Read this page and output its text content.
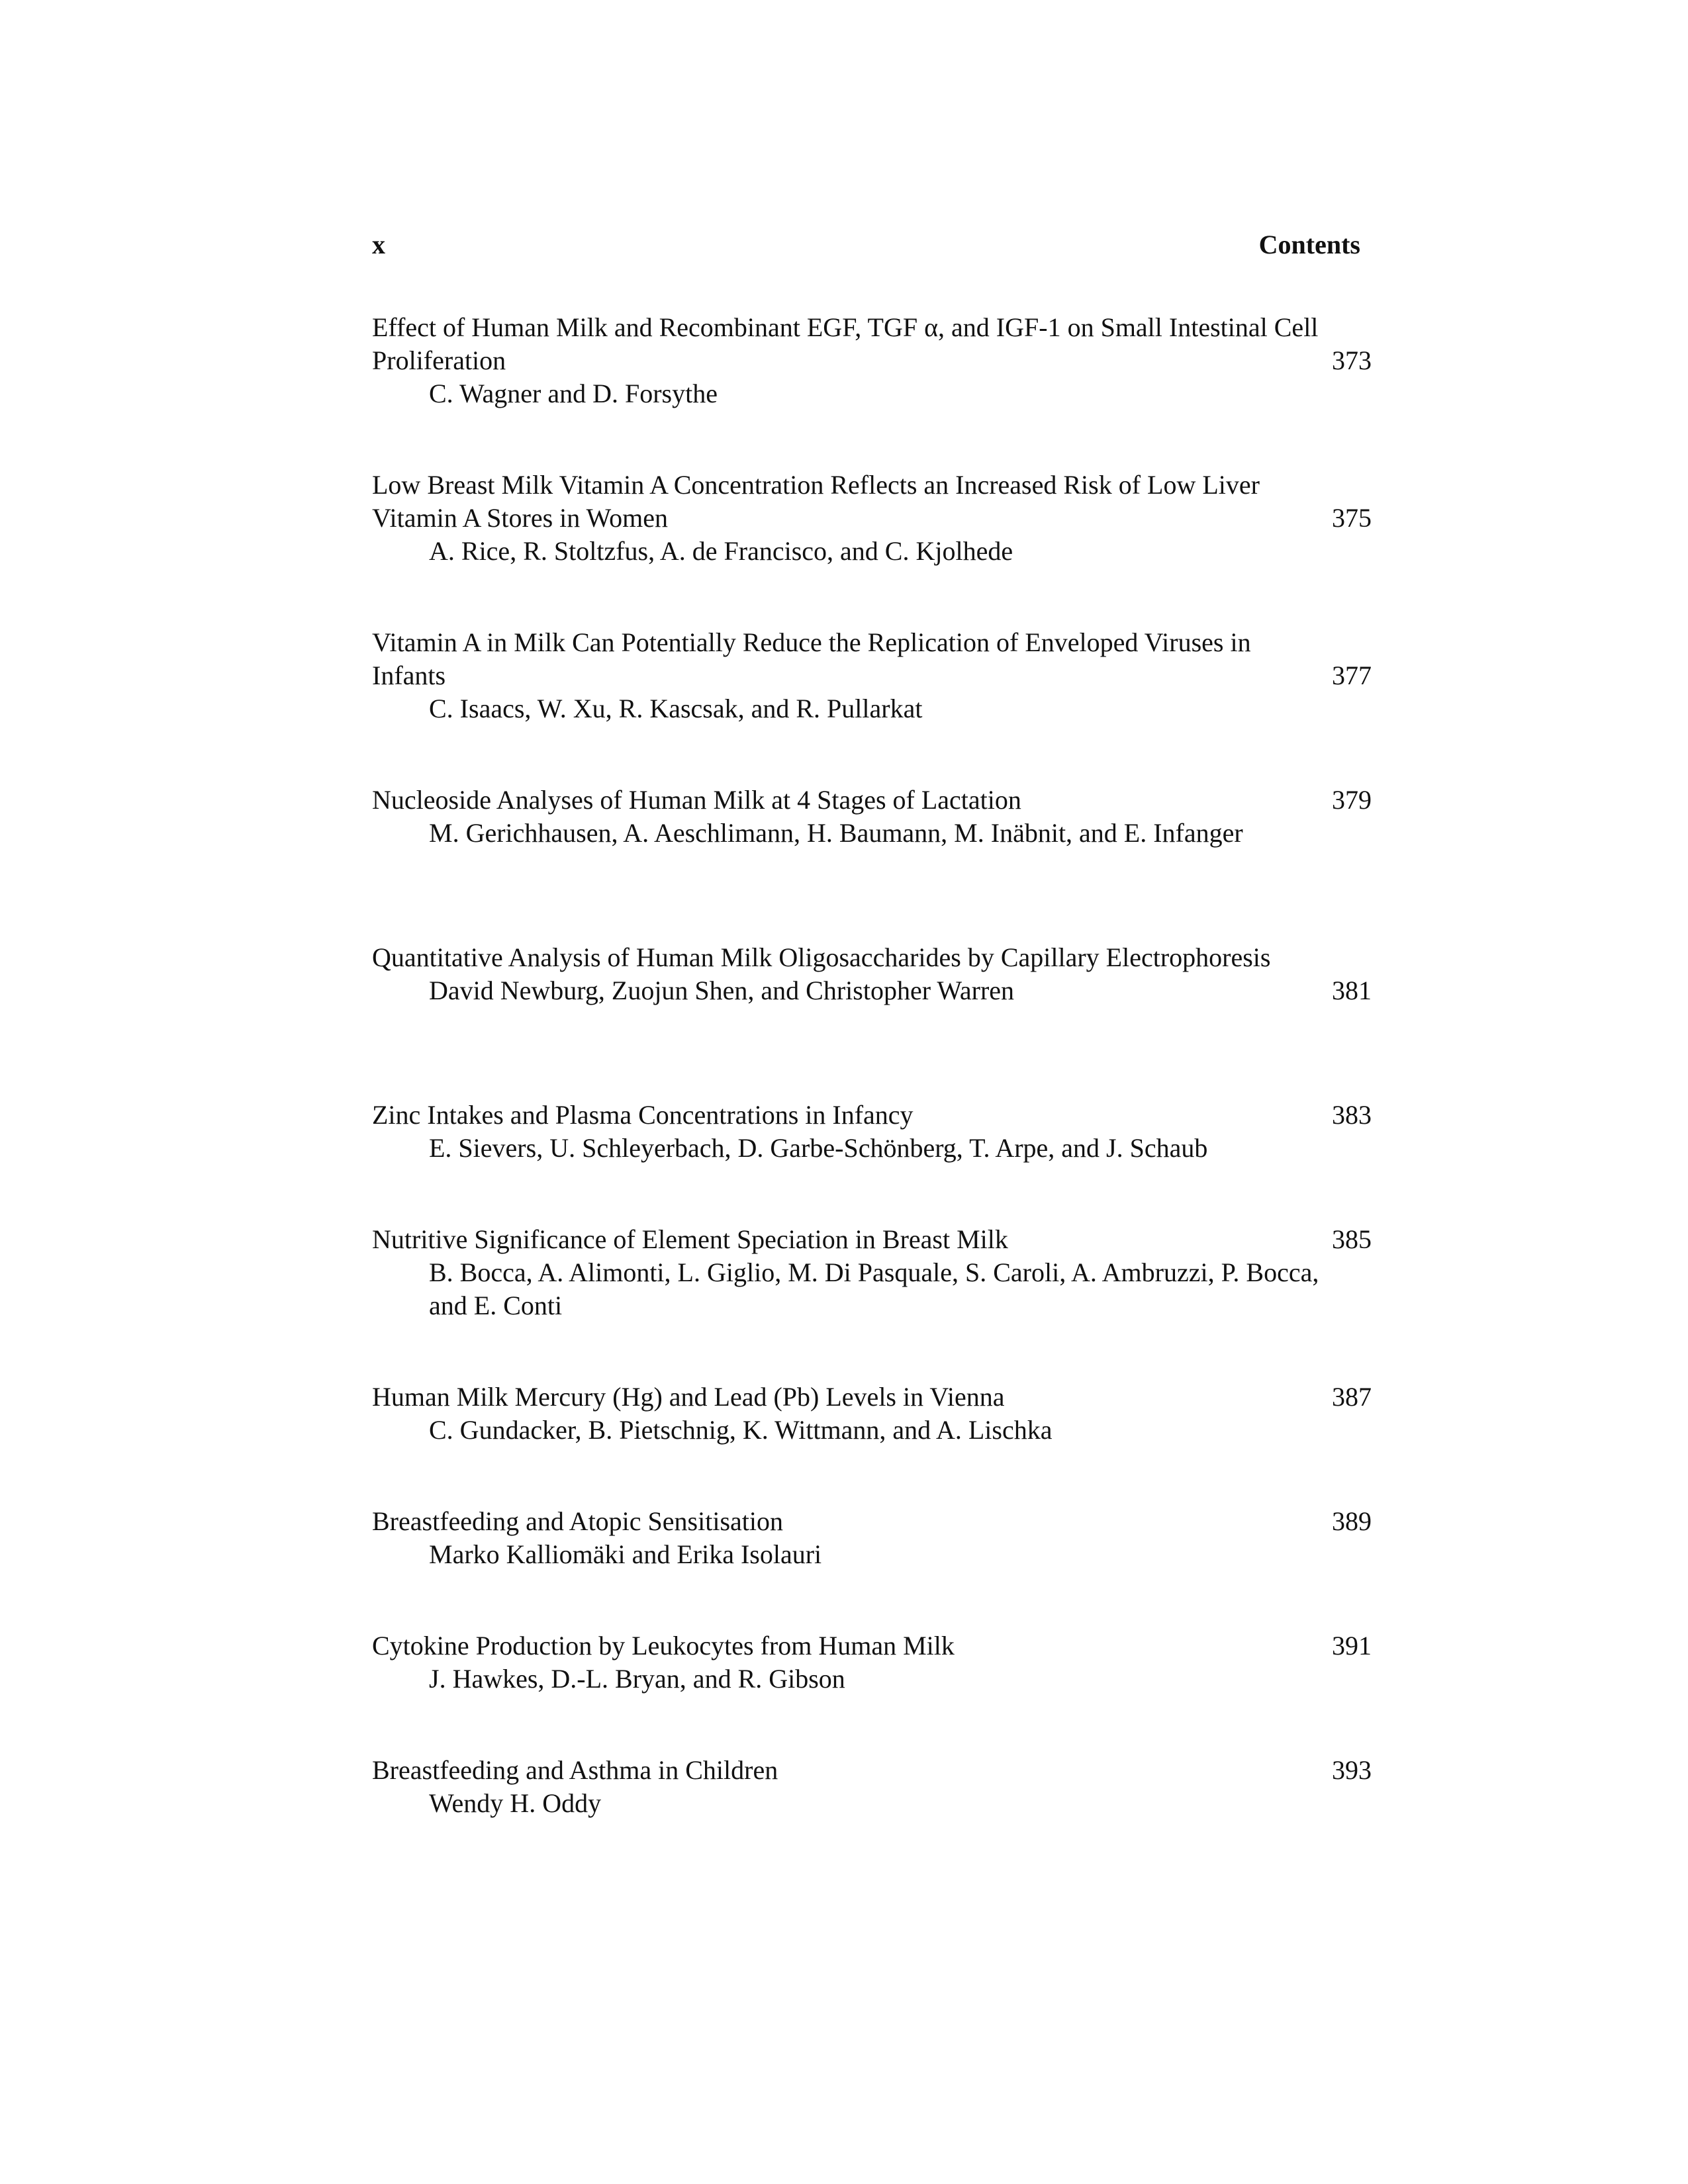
x	Contents
Effect of Human Milk and Recombinant EGF, TGF α, and IGF-1 on Small Intestinal Cell Proliferation
C. Wagner and D. Forsythe
373
Low Breast Milk Vitamin A Concentration Reflects an Increased Risk of Low Liver Vitamin A Stores in Women
A. Rice, R. Stoltzfus, A. de Francisco, and C. Kjolhede
375
Vitamin A in Milk Can Potentially Reduce the Replication of Enveloped Viruses in Infants
C. Isaacs, W. Xu, R. Kascsak, and R. Pullarkat
377
Nucleoside Analyses of Human Milk at 4 Stages of Lactation
M. Gerichhausen, A. Aeschlimann, H. Baumann, M. Inäbnit, and E. Infanger
379
Quantitative Analysis of Human Milk Oligosaccharides by Capillary Electrophoresis
David Newburg, Zuojun Shen, and Christopher Warren	381
Zinc Intakes and Plasma Concentrations in Infancy
E. Sievers, U. Schleyerbach, D. Garbe-Schönberg, T. Arpe, and J. Schaub
383
Nutritive Significance of Element Speciation in Breast Milk
B. Bocca, A. Alimonti, L. Giglio, M. Di Pasquale, S. Caroli, A. Ambruzzi, P. Bocca, and E. Conti
385
Human Milk Mercury (Hg) and Lead (Pb) Levels in Vienna
C. Gundacker, B. Pietschnig, K. Wittmann, and A. Lischka
387
Breastfeeding and Atopic Sensitisation
Marko Kalliomäki and Erika Isolauri
389
Cytokine Production by Leukocytes from Human Milk
J. Hawkes, D.-L. Bryan, and R. Gibson
391
Breastfeeding and Asthma in Children
Wendy H. Oddy
393
